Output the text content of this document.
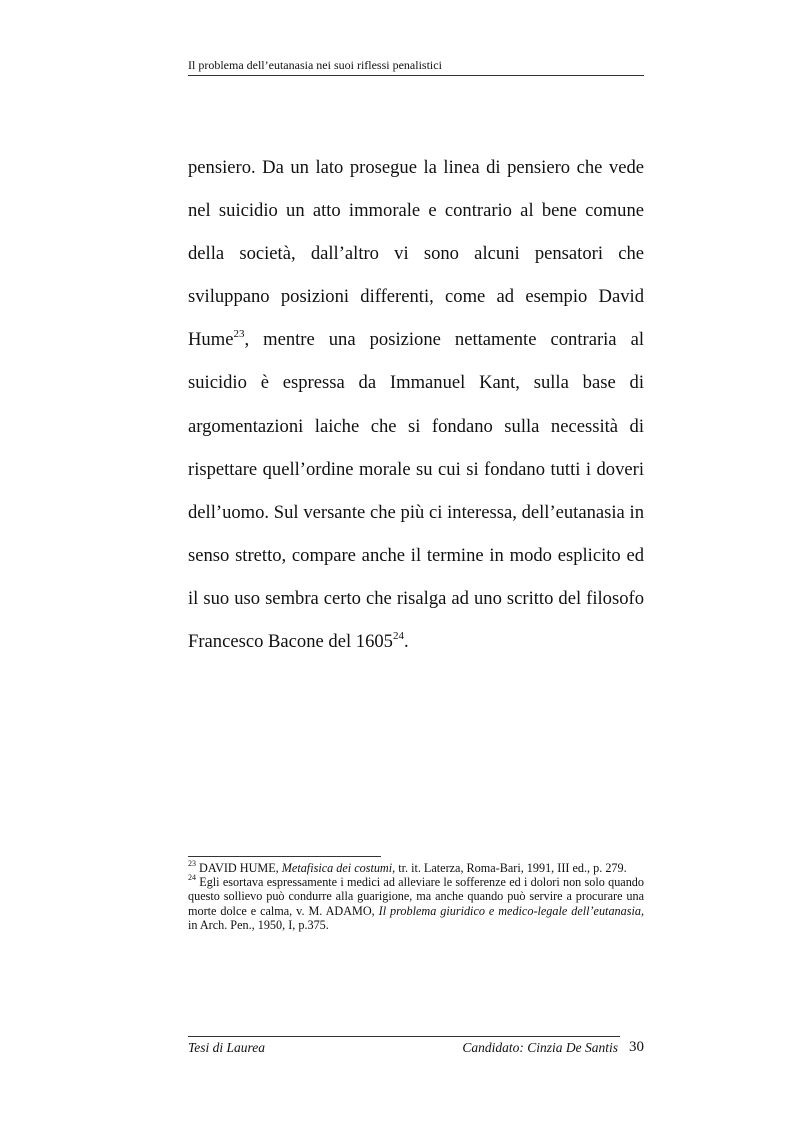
Il problema dell’eutanasia nei suoi riflessi penalistici

pensiero. Da un lato prosegue la linea di pensiero che vede nel suicidio un atto immorale e contrario al bene comune della società, dall’altro vi sono alcuni pensatori che sviluppano posizioni differenti, come ad esempio David Hume$^{23}$, mentre una posizione nettamente contraria al suicidio è espressa da Immanuel Kant, sulla base di argomentazioni laiche che si fondano sulla necessità di rispettare quell’ordine morale su cui si fondano tutti i doveri dell’uomo. Sul versante che più ci interessa, dell’eutanasia in senso stretto, compare anche il termine in modo esplicito ed il suo uso sembra certo che risalga ad uno scritto del filosofo Francesco Bacone del 1605$^{24}$.

$^{23}$ DAVID HUME, Metafisica dei costumi, tr. it. Laterza, Roma-Bari, 1991, III ed., p. 279.

$^{24}$ Egli esortava espressamente i medici ad alleviare le sofferenze ed i dolori non solo quando questo sollievo può condurre alla guarigione, ma anche quando può servire a procurare una morte dolce e calma, v. M. ADAMO, Il problema giuridico e medico-legale dell’eutanasia, in Arch. Pen., 1950, I, p.375.

Tesi di Laurea	Candidato: Cinzia De Santis 30
